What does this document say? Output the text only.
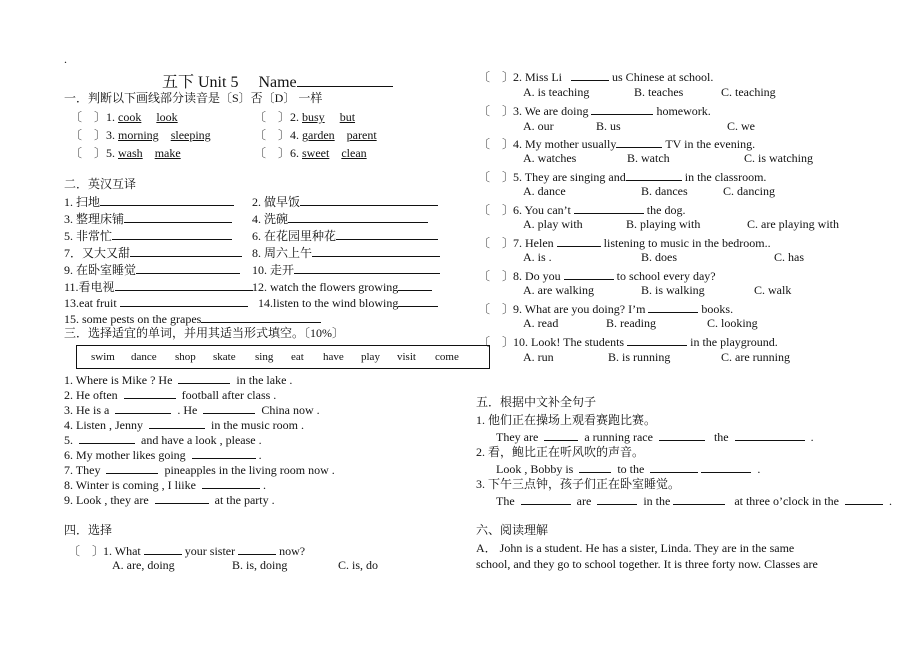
.
五下 Unit 5 Name
一．判断以下画线部分读音是〔S〕否〔D〕 一样
〔    〕1. cook look	〔    〕2. busy but
〔    〕3. morning sleeping	〔    〕4. garden parent
〔    〕5. wash make	〔    〕6. sweet clean
二．英汉互译
1. 扫地	2. 做早饭
3. 整理床铺	4. 洗碗
5. 非常忙	6. 在花园里种花
7．又大又甜	8. 周六上午
9. 在卧室睡觉	10. 走开
11.看电视	12. watch the flowers growing
13.eat fruit	14.listen to the wind blowing
15. some pests on the grapes
三．选择适宜的单词，并用其适当形式填空。〔10%〕
swim dance shop skate sing eat have play visit come
1. Where is Mike ? He	in the lake .
2. He often	football after class .
3. He is a	. He	China now .
4. Listen , Jenny	in the music room .
5.	and have a look , please .
6. My mother likes going	.
7. They	pineapples in the living room now .
8. Winter is coming , I liike	.
9. Look , they are	at the party .
四．选择
〔    〕 1. What	your sister	now?
A. are, doing	B. is, doing	C. is, do
〔    〕 2. Miss Li	us Chinese at school.
A. is teaching	B. teaches	C. teaching
〔    〕 3. We are doing	homework.
A. our	B. us	C. we
〔    〕 4. My mother usually	TV in the evening.
A. watches	B. watch	C. is watching
〔    〕 5. They are singing and	in the classroom.
A. dance	B. dances	C. dancing
〔    〕 6. You can’t	the dog.
A. play with	B. playing with	C. are playing with
〔    〕 7. Helen	listening to music in the bedroom..
A. is .	B. does	C. has
〔    〕 8. Do you	to school every day?
A. are walking	B. is walking	C. walk
〔    〕 9. What are you doing? I’m	books.
A. read	B. reading	C. looking
〔    〕 10. Look! The students	in the playground.
A. run	B. is running	C. are running
五．根据中文补全句子
1. 他们正在操场上观看赛跑比赛。
They are	a running race	the	.
2. 看，鲍比正在听风吹的声音。
Look , Bobby is	to the	.
3. 下午三点钟，孩子们正在卧室睡觉。
The	are	in the	at three o’clock in the	.
六、阅读理解
A． John is a student. He has a sister, Linda. They are in the same
school, and they go to school together. It is three forty now. Classes are
